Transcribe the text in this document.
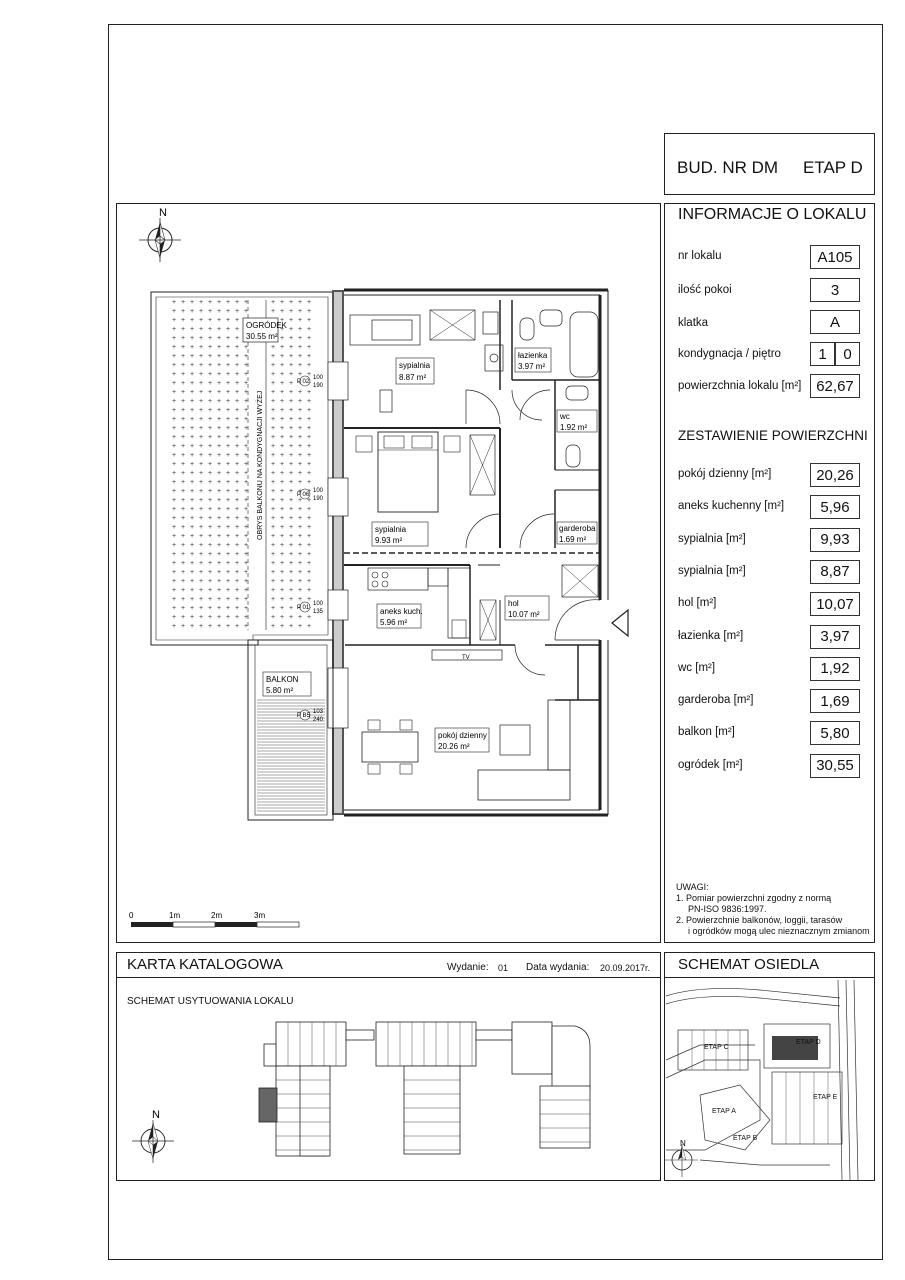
BUD. NR DM ETAP D
INFORMACJE O LOKALU
nr lokalu	A105
ilość pokoi	3
klatka	A
kondygnacja / piętro	1	0
powierzchnia lokalu [m²] 62,67
ZESTAWIENIE POWIERZCHNI
pokój dzienny [m²]	20,26
aneks kuchenny [m²]	5,96
sypialnia [m²]	9,93
sypialnia [m²]	8,87
hol [m²]	10,07
łazienka [m²]	3,97
wc [m²]	1,92
garderoba [m²]	1,69
balkon [m²]	5,80
ogródek [m²]	30,55
UWAGI:
1. Pomiar powierzchni zgodny z normą
PN-ISO 9836:1997.
2. Powierzchnie balkonów, loggii, tarasów
i ogródków mogą ulec nieznacznym zmianom
N
OBRYS BALKONU NA KONDYGNACJI WYŻEJ
OGRÓDEK
30.55 m²
sypialnia
8.87 m²
łazienka
3.97 m²
wc
1.92 m²
sypialnia
9.93 m²
garderoba
1.69 m²
aneks kuch.
5.96 m²
hol
10.07 m²
BALKON
5.80 m²
pokój dzienny
20.26 m²
TV
P 02
100
190
P 06
100
190
P 01
100
135
P B5
103
240
0	1m	2m	3m
KARTA KATALOGOWA	Wydanie: 01 Data wydania: 20.09.2017r.
SCHEMAT USYTUOWANIA LOKALU
N
SCHEMAT OSIEDLA
ETAP C
ETAP D
ETAP A
ETAP B
ETAP E
N
